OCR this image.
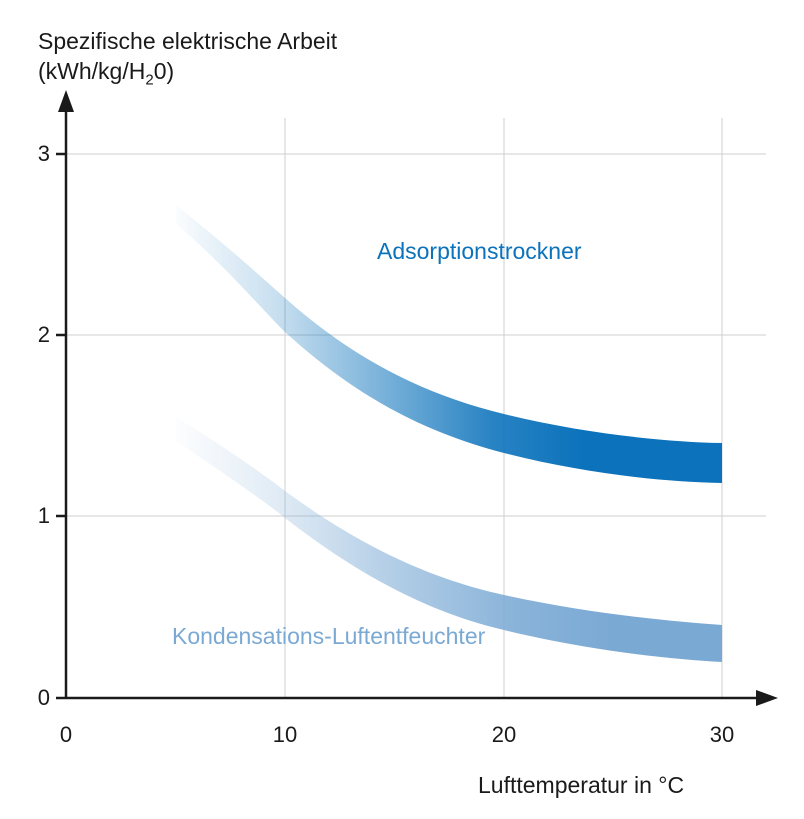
Spezifische elektrische Arbeit
$(kWh/kg/H_20)$
Adsorptionstrockner
Kondensations-Luftentfeuchter
3
2
1
0
0	10	20	30
Lufttemperatur in °C
